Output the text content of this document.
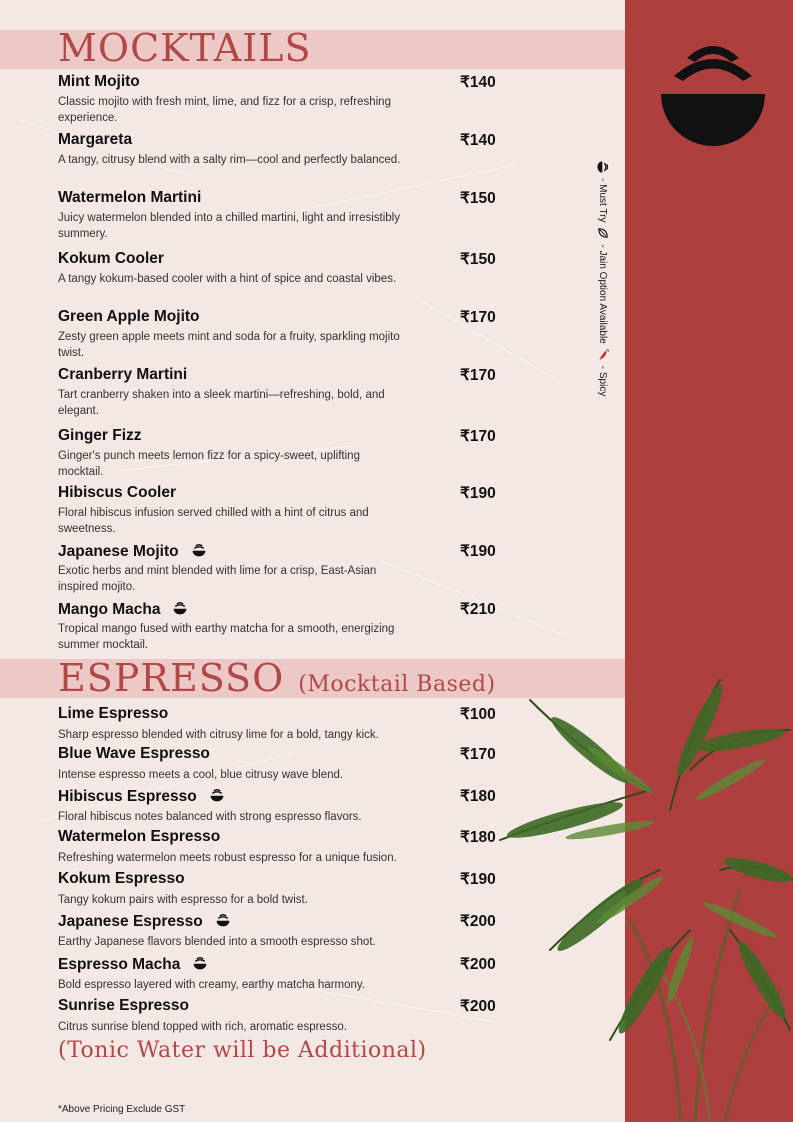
MOCKTAILS
Mint Mojito	₹140
Classic mojito with fresh mint, lime, and fizz for a crisp, refreshing experience.
Margareta	₹140
A tangy, citrusy blend with a salty rim—cool and perfectly balanced.
Watermelon Martini	₹150
Juicy watermelon blended into a chilled martini, light and irresistibly summery.
Kokum Cooler	₹150
A tangy kokum-based cooler with a hint of spice and coastal vibes.
Green Apple Mojito	₹170
Zesty green apple meets mint and soda for a fruity, sparkling mojito twist.
Cranberry Martini	₹170
Tart cranberry shaken into a sleek martini—refreshing, bold, and elegant.
Ginger Fizz	₹170
Ginger's punch meets lemon fizz for a spicy-sweet, uplifting mocktail.
Hibiscus Cooler	₹190
Floral hibiscus infusion served chilled with a hint of citrus and sweetness.
Japanese Mojito	₹190
Exotic herbs and mint blended with lime for a crisp, East-Asian inspired mojito.
Mango Macha	₹210
Tropical mango fused with earthy matcha for a smooth, energizing summer mocktail.
ESPRESSO (Mocktail Based)
Lime Espresso	₹100
Sharp espresso blended with citrusy lime for a bold, tangy kick.
Blue Wave Espresso	₹170
Intense espresso meets a cool, blue citrusy wave blend.
Hibiscus Espresso	₹180
Floral hibiscus notes balanced with strong espresso flavors.
Watermelon Espresso	₹180
Refreshing watermelon meets robust espresso for a unique fusion.
Kokum Espresso	₹190
Tangy kokum pairs with espresso for a bold twist.
Japanese Espresso	₹200
Earthy Japanese flavors blended into a smooth espresso shot.
Espresso Macha	₹200
Bold espresso layered with creamy, earthy matcha harmony.
Sunrise Espresso	₹200
Citrus sunrise blend topped with rich, aromatic espresso.
(Tonic Water will be Additional)
*Above Pricing Exclude GST
- Must Try
- Jain Option Available
- Spicy
